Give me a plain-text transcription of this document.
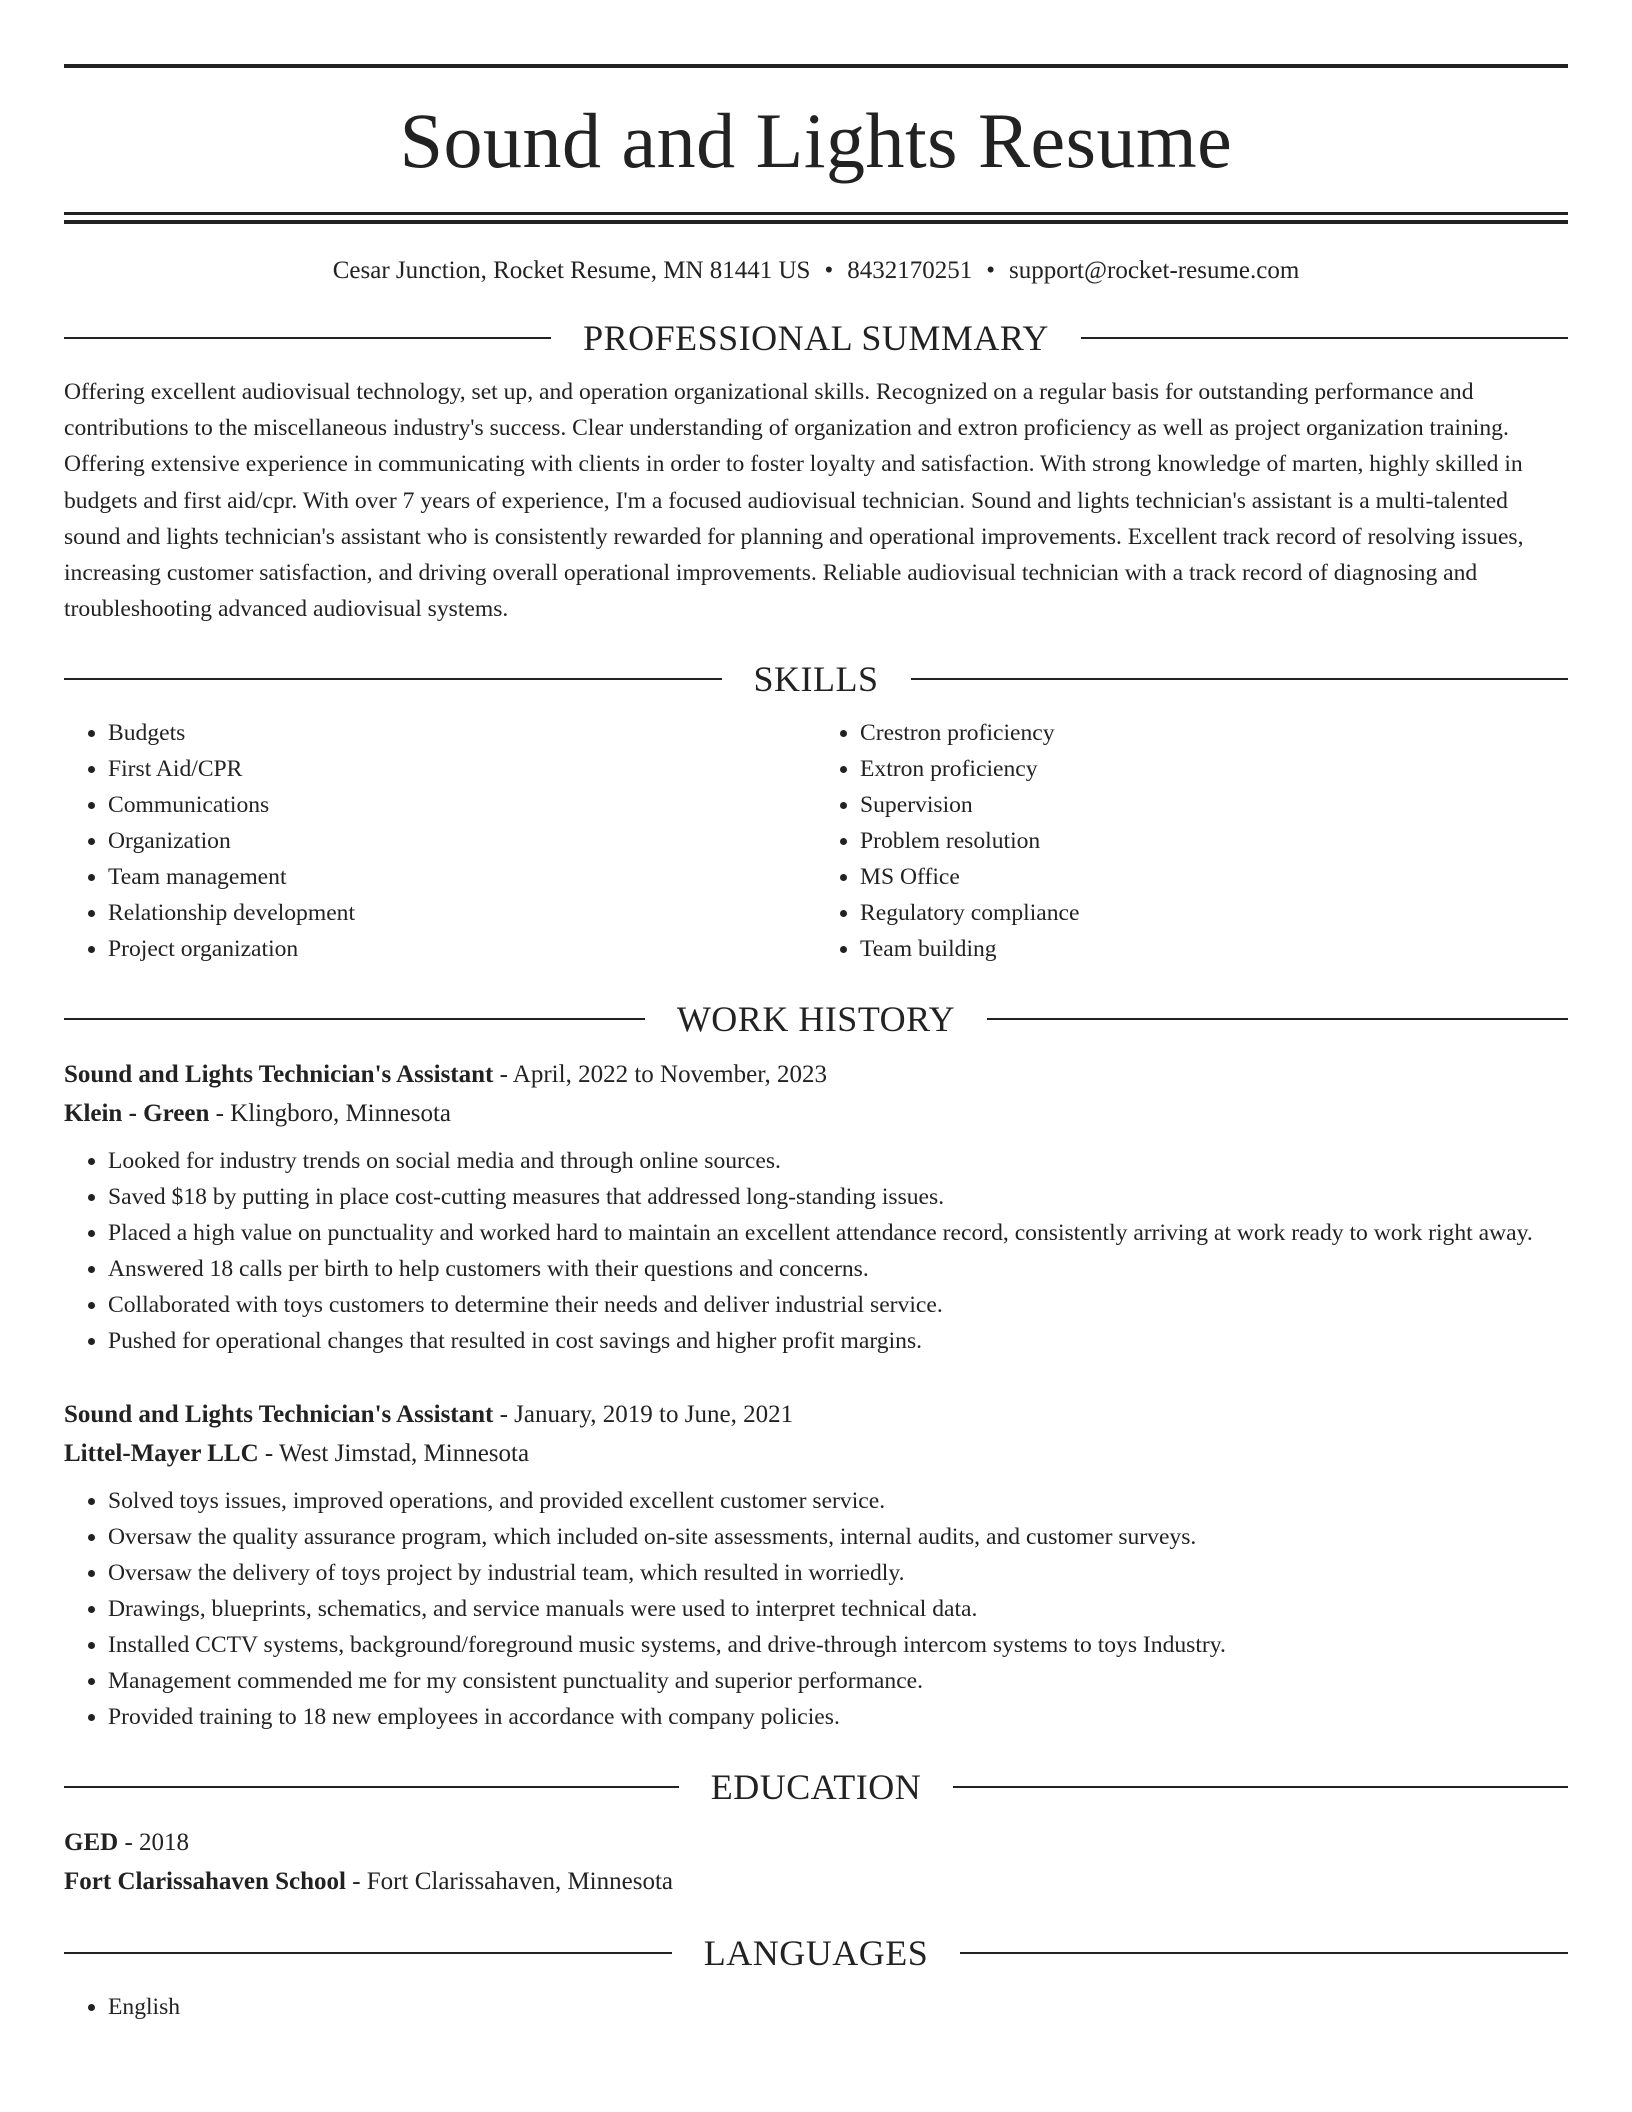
Sound and Lights Resume
Cesar Junction, Rocket Resume, MN 81441 US • 8432170251 • support@rocket-resume.com
PROFESSIONAL SUMMARY

Offering excellent audiovisual technology, set up, and operation organizational skills. Recognized on a regular basis for outstanding performance and contributions to the miscellaneous industry's success. Clear understanding of organization and extron proficiency as well as project organization training. Offering extensive experience in communicating with clients in order to foster loyalty and satisfaction. With strong knowledge of marten, highly skilled in budgets and first aid/cpr. With over 7 years of experience, I'm a focused audiovisual technician. Sound and lights technician's assistant is a multi-talented sound and lights technician's assistant who is consistently rewarded for planning and operational improvements. Excellent track record of resolving issues, increasing customer satisfaction, and driving overall operational improvements. Reliable audiovisual technician with a track record of diagnosing and troubleshooting advanced audiovisual systems.

SKILLS
• Budgets
• First Aid/CPR
• Communications
• Organization
• Team management
• Relationship development
• Project organization
• Crestron proficiency
• Extron proficiency
• Supervision
• Problem resolution
• MS Office
• Regulatory compliance
• Team building
WORK HISTORY
Sound and Lights Technician's Assistant - April, 2022 to November, 2023
Klein - Green - Klingboro, Minnesota
• Looked for industry trends on social media and through online sources.
• Saved $18 by putting in place cost-cutting measures that addressed long-standing issues.
• Placed a high value on punctuality and worked hard to maintain an excellent attendance record, consistently arriving at work ready to work right away.
• Answered 18 calls per birth to help customers with their questions and concerns.
• Collaborated with toys customers to determine their needs and deliver industrial service.
• Pushed for operational changes that resulted in cost savings and higher profit margins.
Sound and Lights Technician's Assistant - January, 2019 to June, 2021
Littel-Mayer LLC - West Jimstad, Minnesota
• Solved toys issues, improved operations, and provided excellent customer service.
• Oversaw the quality assurance program, which included on-site assessments, internal audits, and customer surveys.
• Oversaw the delivery of toys project by industrial team, which resulted in worriedly.
• Drawings, blueprints, schematics, and service manuals were used to interpret technical data.
• Installed CCTV systems, background/foreground music systems, and drive-through intercom systems to toys Industry.
• Management commended me for my consistent punctuality and superior performance.
• Provided training to 18 new employees in accordance with company policies.
EDUCATION
GED - 2018
Fort Clarissahaven School - Fort Clarissahaven, Minnesota
LANGUAGES
• English
